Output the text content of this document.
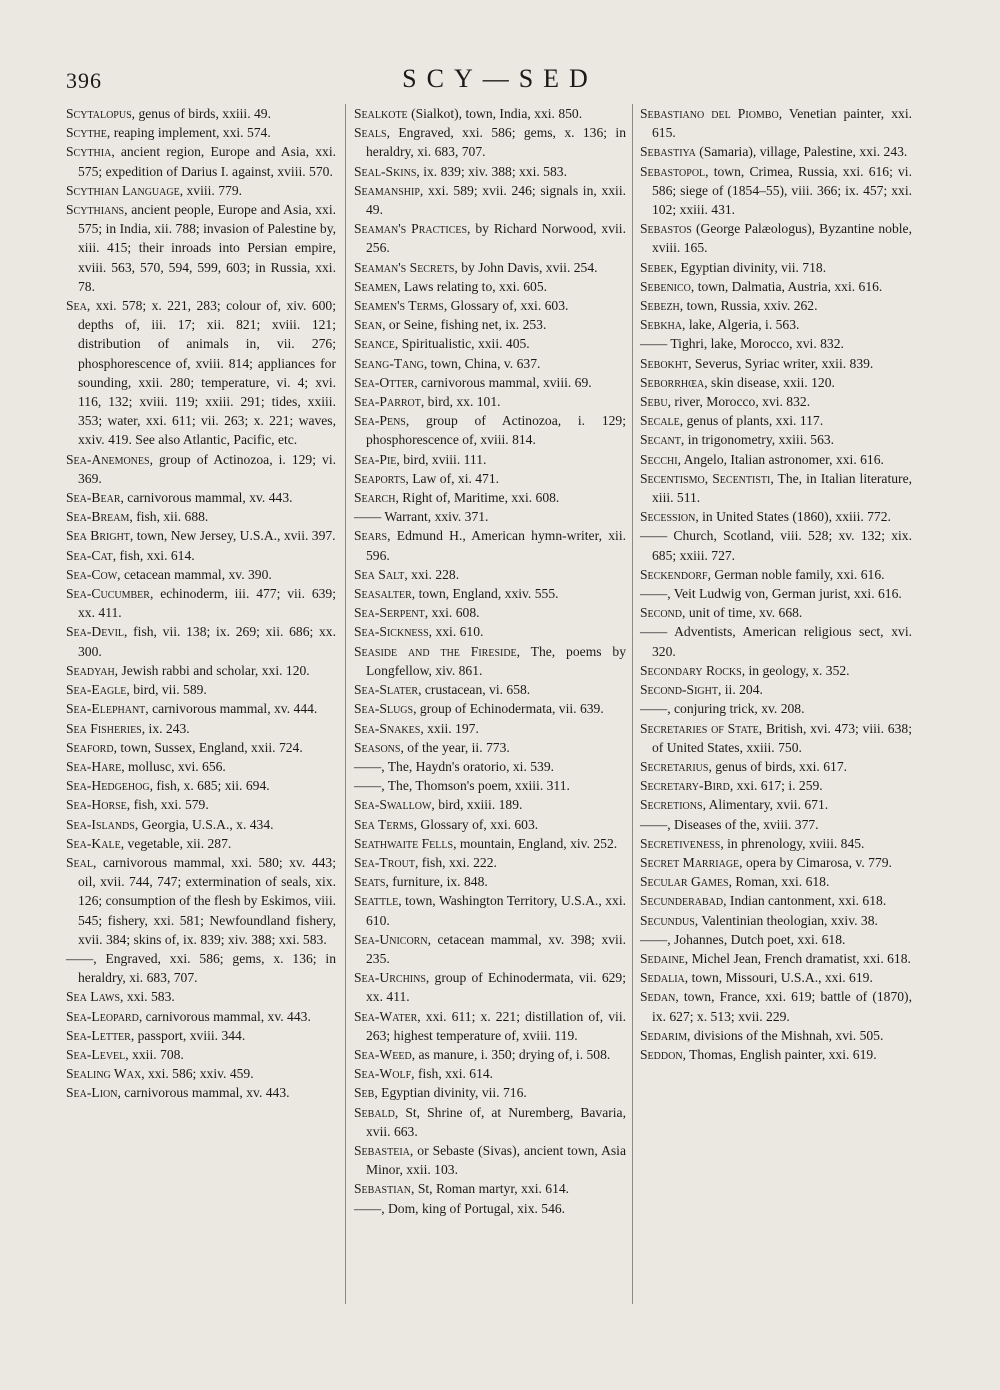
396	SCY—SED

Scytalopus, genus of birds, xxiii. 49.

Scythe, reaping implement, xxi. 574.

Scythia, ancient region, Europe and Asia, xxi. 575; expedition of Darius I. against, xviii. 570.

Scythian Language, xviii. 779.

Scythians, ancient people, Europe and Asia, xxi. 575; in India, xii. 788; invasion of Palestine by, xiii. 415; their inroads into Persian empire, xviii. 563, 570, 594, 599, 603; in Russia, xxi. 78.

Sea, xxi. 578; x. 221, 283; colour of, xiv. 600; depths of, iii. 17; xii. 821; xviii. 121; distribution of animals in, vii. 276; phosphorescence of, xviii. 814; appliances for sounding, xxii. 280; temperature, vi. 4; xvi. 116, 132; xviii. 119; xxiii. 291; tides, xxiii. 353; water, xxi. 611; vii. 263; x. 221; waves, xxiv. 419. See also Atlantic, Pacific, etc.

Sea-Anemones, group of Actinozoa, i. 129; vi. 369.

Sea-Bear, carnivorous mammal, xv. 443.

Sea-Bream, fish, xii. 688.

Sea Bright, town, New Jersey, U.S.A., xvii. 397.

Sea-Cat, fish, xxi. 614.

Sea-Cow, cetacean mammal, xv. 390.

Sea-Cucumber, echinoderm, iii. 477; vii. 639; xx. 411.

Sea-Devil, fish, vii. 138; ix. 269; xii. 686; xx. 300.

Seadyah, Jewish rabbi and scholar, xxi. 120.

Sea-Eagle, bird, vii. 589.

Sea-Elephant, carnivorous mammal, xv. 444.

Sea Fisheries, ix. 243.

Seaford, town, Sussex, England, xxii. 724.

Sea-Hare, mollusc, xvi. 656.

Sea-Hedgehog, fish, x. 685; xii. 694.

Sea-Horse, fish, xxi. 579.

Sea-Islands, Georgia, U.S.A., x. 434.

Sea-Kale, vegetable, xii. 287.

Seal, carnivorous mammal, xxi. 580; xv. 443; oil, xvii. 744, 747; extermination of seals, xix. 126; consumption of the flesh by Eskimos, viii. 545; fishery, xxi. 581; Newfoundland fishery, xvii. 384; skins of, ix. 839; xiv. 388; xxi. 583.

——, Engraved, xxi. 586; gems, x. 136; in heraldry, xi. 683, 707.

Sea Laws, xxi. 583.

Sea-Leopard, carnivorous mammal, xv. 443.

Sea-Letter, passport, xviii. 344.

Sea-Level, xxii. 708.

Sealing Wax, xxi. 586; xxiv. 459.

Sea-Lion, carnivorous mammal, xv. 443.

Sealkote (Sialkot), town, India, xxi. 850.

Seals, Engraved, xxi. 586; gems, x. 136; in heraldry, xi. 683, 707.

Seal-Skins, ix. 839; xiv. 388; xxi. 583.

Seamanship, xxi. 589; xvii. 246; signals in, xxii. 49.

Seaman's Practices, by Richard Norwood, xvii. 256.

Seaman's Secrets, by John Davis, xvii. 254.

Seamen, Laws relating to, xxi. 605.

Seamen's Terms, Glossary of, xxi. 603.

Sean, or Seine, fishing net, ix. 253.

Seance, Spiritualistic, xxii. 405.

Seang-Tang, town, China, v. 637.

Sea-Otter, carnivorous mammal, xviii. 69.

Sea-Parrot, bird, xx. 101.

Sea-Pens, group of Actinozoa, i. 129; phosphorescence of, xviii. 814.

Sea-Pie, bird, xviii. 111.

Seaports, Law of, xi. 471.

Search, Right of, Maritime, xxi. 608.

—— Warrant, xxiv. 371.

Sears, Edmund H., American hymn-writer, xii. 596.

Sea Salt, xxi. 228.

Seasalter, town, England, xxiv. 555.

Sea-Serpent, xxi. 608.

Sea-Sickness, xxi. 610.

Seaside and the Fireside, The, poems by Longfellow, xiv. 861.

Sea-Slater, crustacean, vi. 658.

Sea-Slugs, group of Echinodermata, vii. 639.

Sea-Snakes, xxii. 197.

Seasons, of the year, ii. 773.

——, The, Haydn's oratorio, xi. 539.

——, The, Thomson's poem, xxiii. 311.

Sea-Swallow, bird, xxiii. 189.

Sea Terms, Glossary of, xxi. 603.

Seathwaite Fells, mountain, England, xiv. 252.

Sea-Trout, fish, xxi. 222.

Seats, furniture, ix. 848.

Seattle, town, Washington Territory, U.S.A., xxi. 610.

Sea-Unicorn, cetacean mammal, xv. 398; xvii. 235.

Sea-Urchins, group of Echinodermata, vii. 629; xx. 411.

Sea-Water, xxi. 611; x. 221; distillation of, vii. 263; highest temperature of, xviii. 119.

Sea-Weed, as manure, i. 350; drying of, i. 508.

Sea-Wolf, fish, xxi. 614.

Seb, Egyptian divinity, vii. 716.

Sebald, St, Shrine of, at Nuremberg, Bavaria, xvii. 663.

Sebasteia, or Sebaste (Sivas), ancient town, Asia Minor, xxii. 103.

Sebastian, St, Roman martyr, xxi. 614.

——, Dom, king of Portugal, xix. 546.

Sebastiano del Piombo, Venetian painter, xxi. 615.

Sebastiya (Samaria), village, Palestine, xxi. 243.

Sebastopol, town, Crimea, Russia, xxi. 616; vi. 586; siege of (1854–55), viii. 366; ix. 457; xxi. 102; xxiii. 431.

Sebastos (George Palæologus), Byzantine noble, xviii. 165.

Sebek, Egyptian divinity, vii. 718.

Sebenico, town, Dalmatia, Austria, xxi. 616.

Sebezh, town, Russia, xxiv. 262.

Sebkha, lake, Algeria, i. 563.

—— Tighri, lake, Morocco, xvi. 832.

Sebokht, Severus, Syriac writer, xxii. 839.

Seborrhœa, skin disease, xxii. 120.

Sebu, river, Morocco, xvi. 832.

Secale, genus of plants, xxi. 117.

Secant, in trigonometry, xxiii. 563.

Secchi, Angelo, Italian astronomer, xxi. 616.

Secentismo, Secentisti, The, in Italian literature, xiii. 511.

Secession, in United States (1860), xxiii. 772.

—— Church, Scotland, viii. 528; xv. 132; xix. 685; xxiii. 727.

Seckendorf, German noble family, xxi. 616.

——, Veit Ludwig von, German jurist, xxi. 616.

Second, unit of time, xv. 668.

—— Adventists, American religious sect, xvi. 320.

Secondary Rocks, in geology, x. 352.

Second-Sight, ii. 204.

——, conjuring trick, xv. 208.

Secretaries of State, British, xvi. 473; viii. 638; of United States, xxiii. 750.

Secretarius, genus of birds, xxi. 617.

Secretary-Bird, xxi. 617; i. 259.

Secretions, Alimentary, xvii. 671.

——, Diseases of the, xviii. 377.

Secretiveness, in phrenology, xviii. 845.

Secret Marriage, opera by Cimarosa, v. 779.

Secular Games, Roman, xxi. 618.

Secunderabad, Indian cantonment, xxi. 618.

Secundus, Valentinian theologian, xxiv. 38.

——, Johannes, Dutch poet, xxi. 618.

Sedaine, Michel Jean, French dramatist, xxi. 618.

Sedalia, town, Missouri, U.S.A., xxi. 619.

Sedan, town, France, xxi. 619; battle of (1870), ix. 627; x. 513; xvii. 229.

Sedarim, divisions of the Mishnah, xvi. 505.

Seddon, Thomas, English painter, xxi. 619.
